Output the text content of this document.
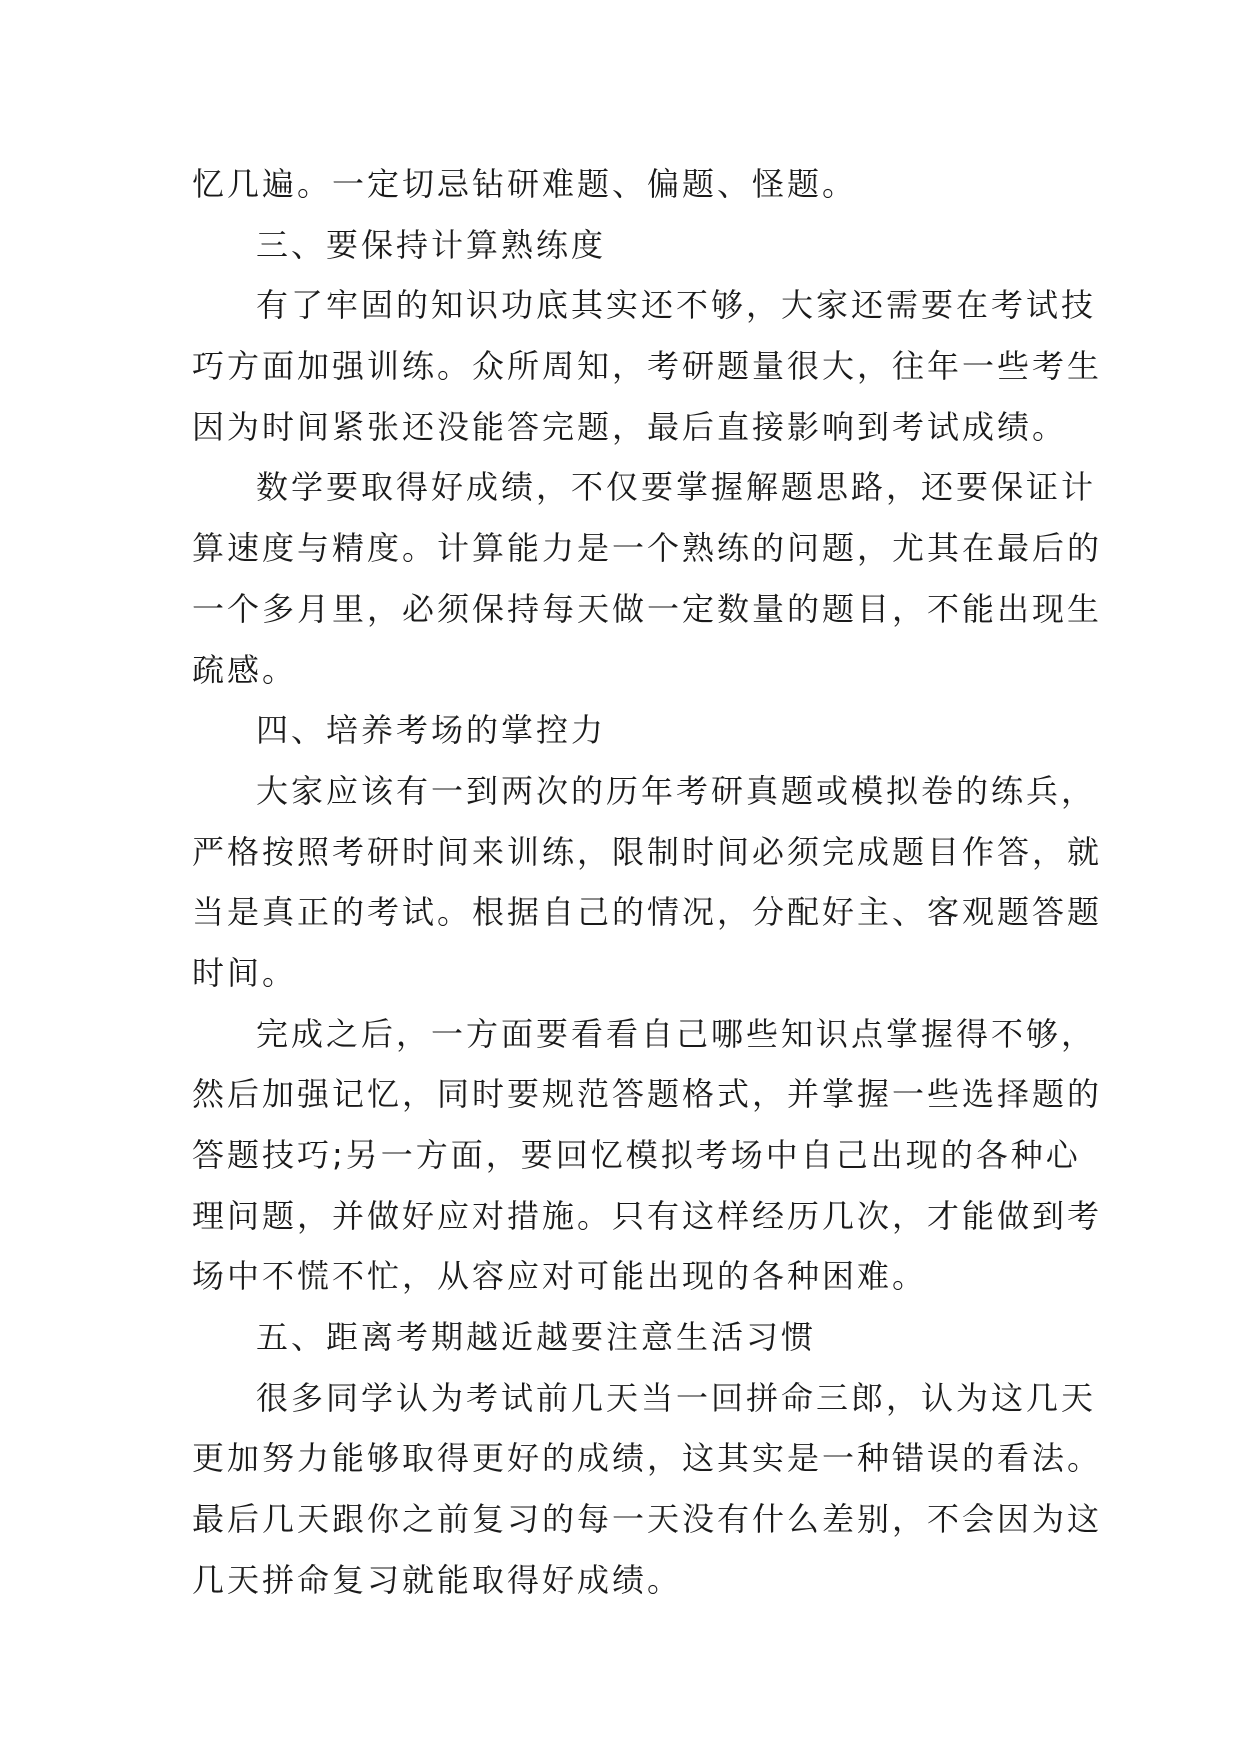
忆几遍。一定切忌钻研难题、偏题、怪题。
三、要保持计算熟练度
有了牢固的知识功底其实还不够，大家还需要在考试技
巧方面加强训练。众所周知，考研题量很大，往年一些考生
因为时间紧张还没能答完题，最后直接影响到考试成绩。
数学要取得好成绩，不仅要掌握解题思路，还要保证计
算速度与精度。计算能力是一个熟练的问题，尤其在最后的
一个多月里，必须保持每天做一定数量的题目，不能出现生
疏感。
四、培养考场的掌控力
大家应该有一到两次的历年考研真题或模拟卷的练兵，
严格按照考研时间来训练，限制时间必须完成题目作答，就
当是真正的考试。根据自己的情况，分配好主、客观题答题
时间。
完成之后，一方面要看看自己哪些知识点掌握得不够，
然后加强记忆，同时要规范答题格式，并掌握一些选择题的
答题技巧;另一方面，要回忆模拟考场中自己出现的各种心
理问题，并做好应对措施。只有这样经历几次，才能做到考
场中不慌不忙，从容应对可能出现的各种困难。
五、距离考期越近越要注意生活习惯
很多同学认为考试前几天当一回拼命三郎，认为这几天
更加努力能够取得更好的成绩，这其实是一种错误的看法。
最后几天跟你之前复习的每一天没有什么差别，不会因为这
几天拼命复习就能取得好成绩。
